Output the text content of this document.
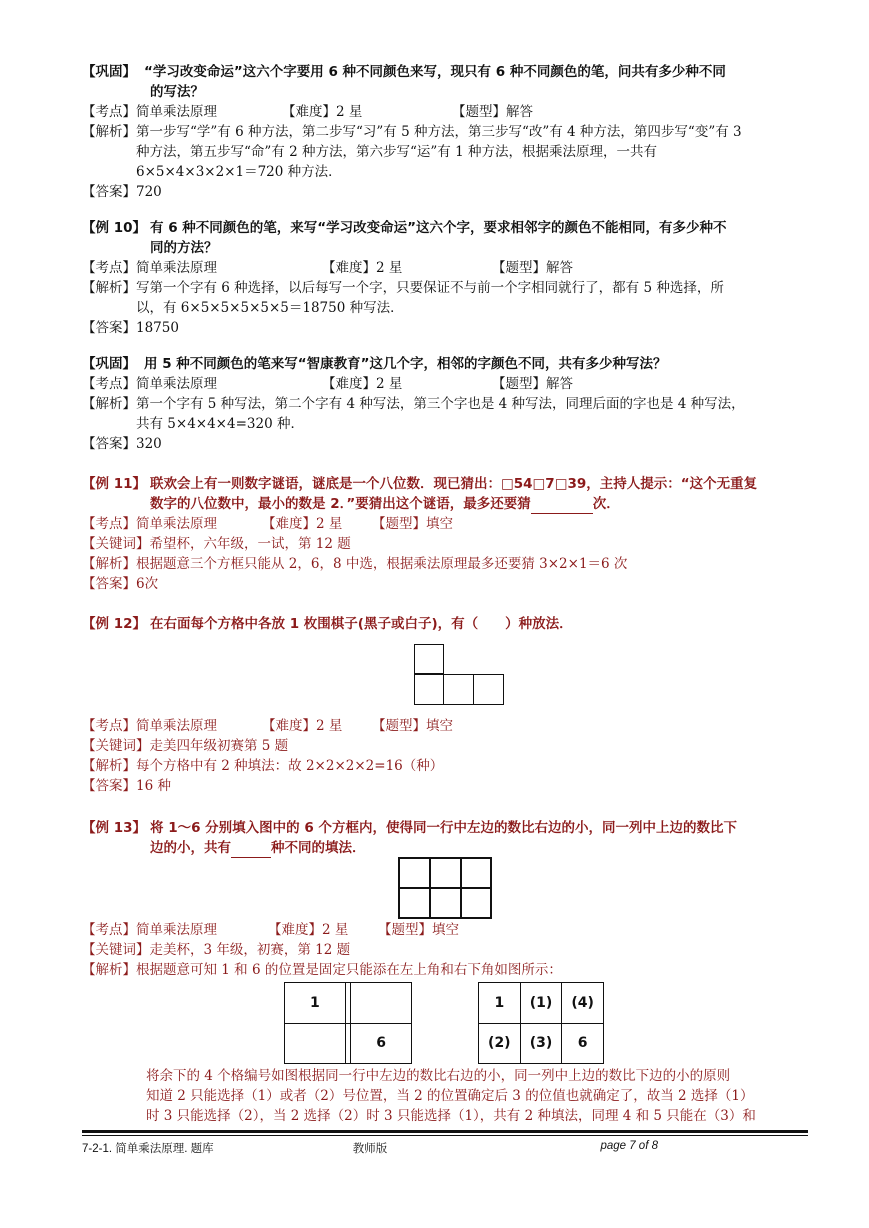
【巩固】 “学习改变命运”这六个字要用 6 种不同颜色来写，现只有 6 种不同颜色的笔，问共有多少种不同
的写法？
【考点】简单乘法原理	【难度】2 星	【题型】解答
【解析】 第一步写“学”有 6 种方法，第二步写“习”有 5 种方法，第三步写“改”有 4 种方法，第四步写“变”有 3
种方法，第五步写“命”有 2 种方法，第六步写“运”有 1 种方法，根据乘法原理，一共有
6×5×4×3×2×1＝720 种方法．
【答案】 720
【例 10】 有 6 种不同颜色的笔，来写“学习改变命运”这六个字，要求相邻字的颜色不能相同，有多少种不
同的方法？
【考点】简单乘法原理	【难度】2 星	【题型】解答
【解析】 写第一个字有 6 种选择，以后每写一个字，只要保证不与前一个字相同就行了，都有 5 种选择，所
以，有 6×5×5×5×5×5＝18750 种写法．
【答案】 18750
【巩固】 用 5 种不同颜色的笔来写“智康教育”这几个字，相邻的字颜色不同，共有多少种写法？
【考点】简单乘法原理	【难度】2 星	【题型】解答
【解析】 第一个字有 5 种写法，第二个字有 4 种写法，第三个字也是 4 种写法，同理后面的字也是 4 种写法，
共有 5×4×4×4=320 种．
【答案】 320
【例 11】 联欢会上有一则数字谜语，谜底是一个八位数．现已猜出：□54□7□39，主持人提示：“这个无重复
数字的八位数中，最小的数是 2．”要猜出这个谜语，最多还要猜	次．
【考点】简单乘法原理	【难度】2 星	【题型】填空
【关键词】希望杯，六年级，一试，第 12 题
【解析】 根据题意三个方框只能从 2，6，8 中选，根据乘法原理最多还要猜 3×2×1＝6 次
【答案】 6次
【例 12】 在右面每个方格中各放 1 枚围棋子(黑子或白子)，有（　　）种放法．
【考点】简单乘法原理	【难度】2 星	【题型】填空
【关键词】走美四年级初赛第 5 题
【解析】 每个方格中有 2 种填法：故 2×2×2×2=16（种）
【答案】 16 种
【例 13】 将 1～6 分别填入图中的 6 个方框内，使得同一行中左边的数比右边的小，同一列中上边的数比下
边的小，共有	种不同的填法．
【考点】简单乘法原理	【难度】2 星	【题型】填空
【关键词】走美杯，3 年级，初赛，第 12 题
【解析】 根据题意可知 1 和 6 的位置是固定只能添在左上角和右下角如图所示：
1		
		6
1	(1)	(4)
(2)	(3)	6
将余下的 4 个格编号如图根据同一行中左边的数比右边的小，同一列中上边的数比下边的小的原则
知道 2 只能选择（1）或者（2）号位置，当 2 的位置确定后 3 的位值也就确定了，故当 2 选择（1）
时 3 只能选择（2），当 2 选择（2）时 3 只能选择（1），共有 2 种填法，同理 4 和 5 只能在（3）和
7-2-1. 简单乘法原理. 题库	教师版	page 7 of 8
